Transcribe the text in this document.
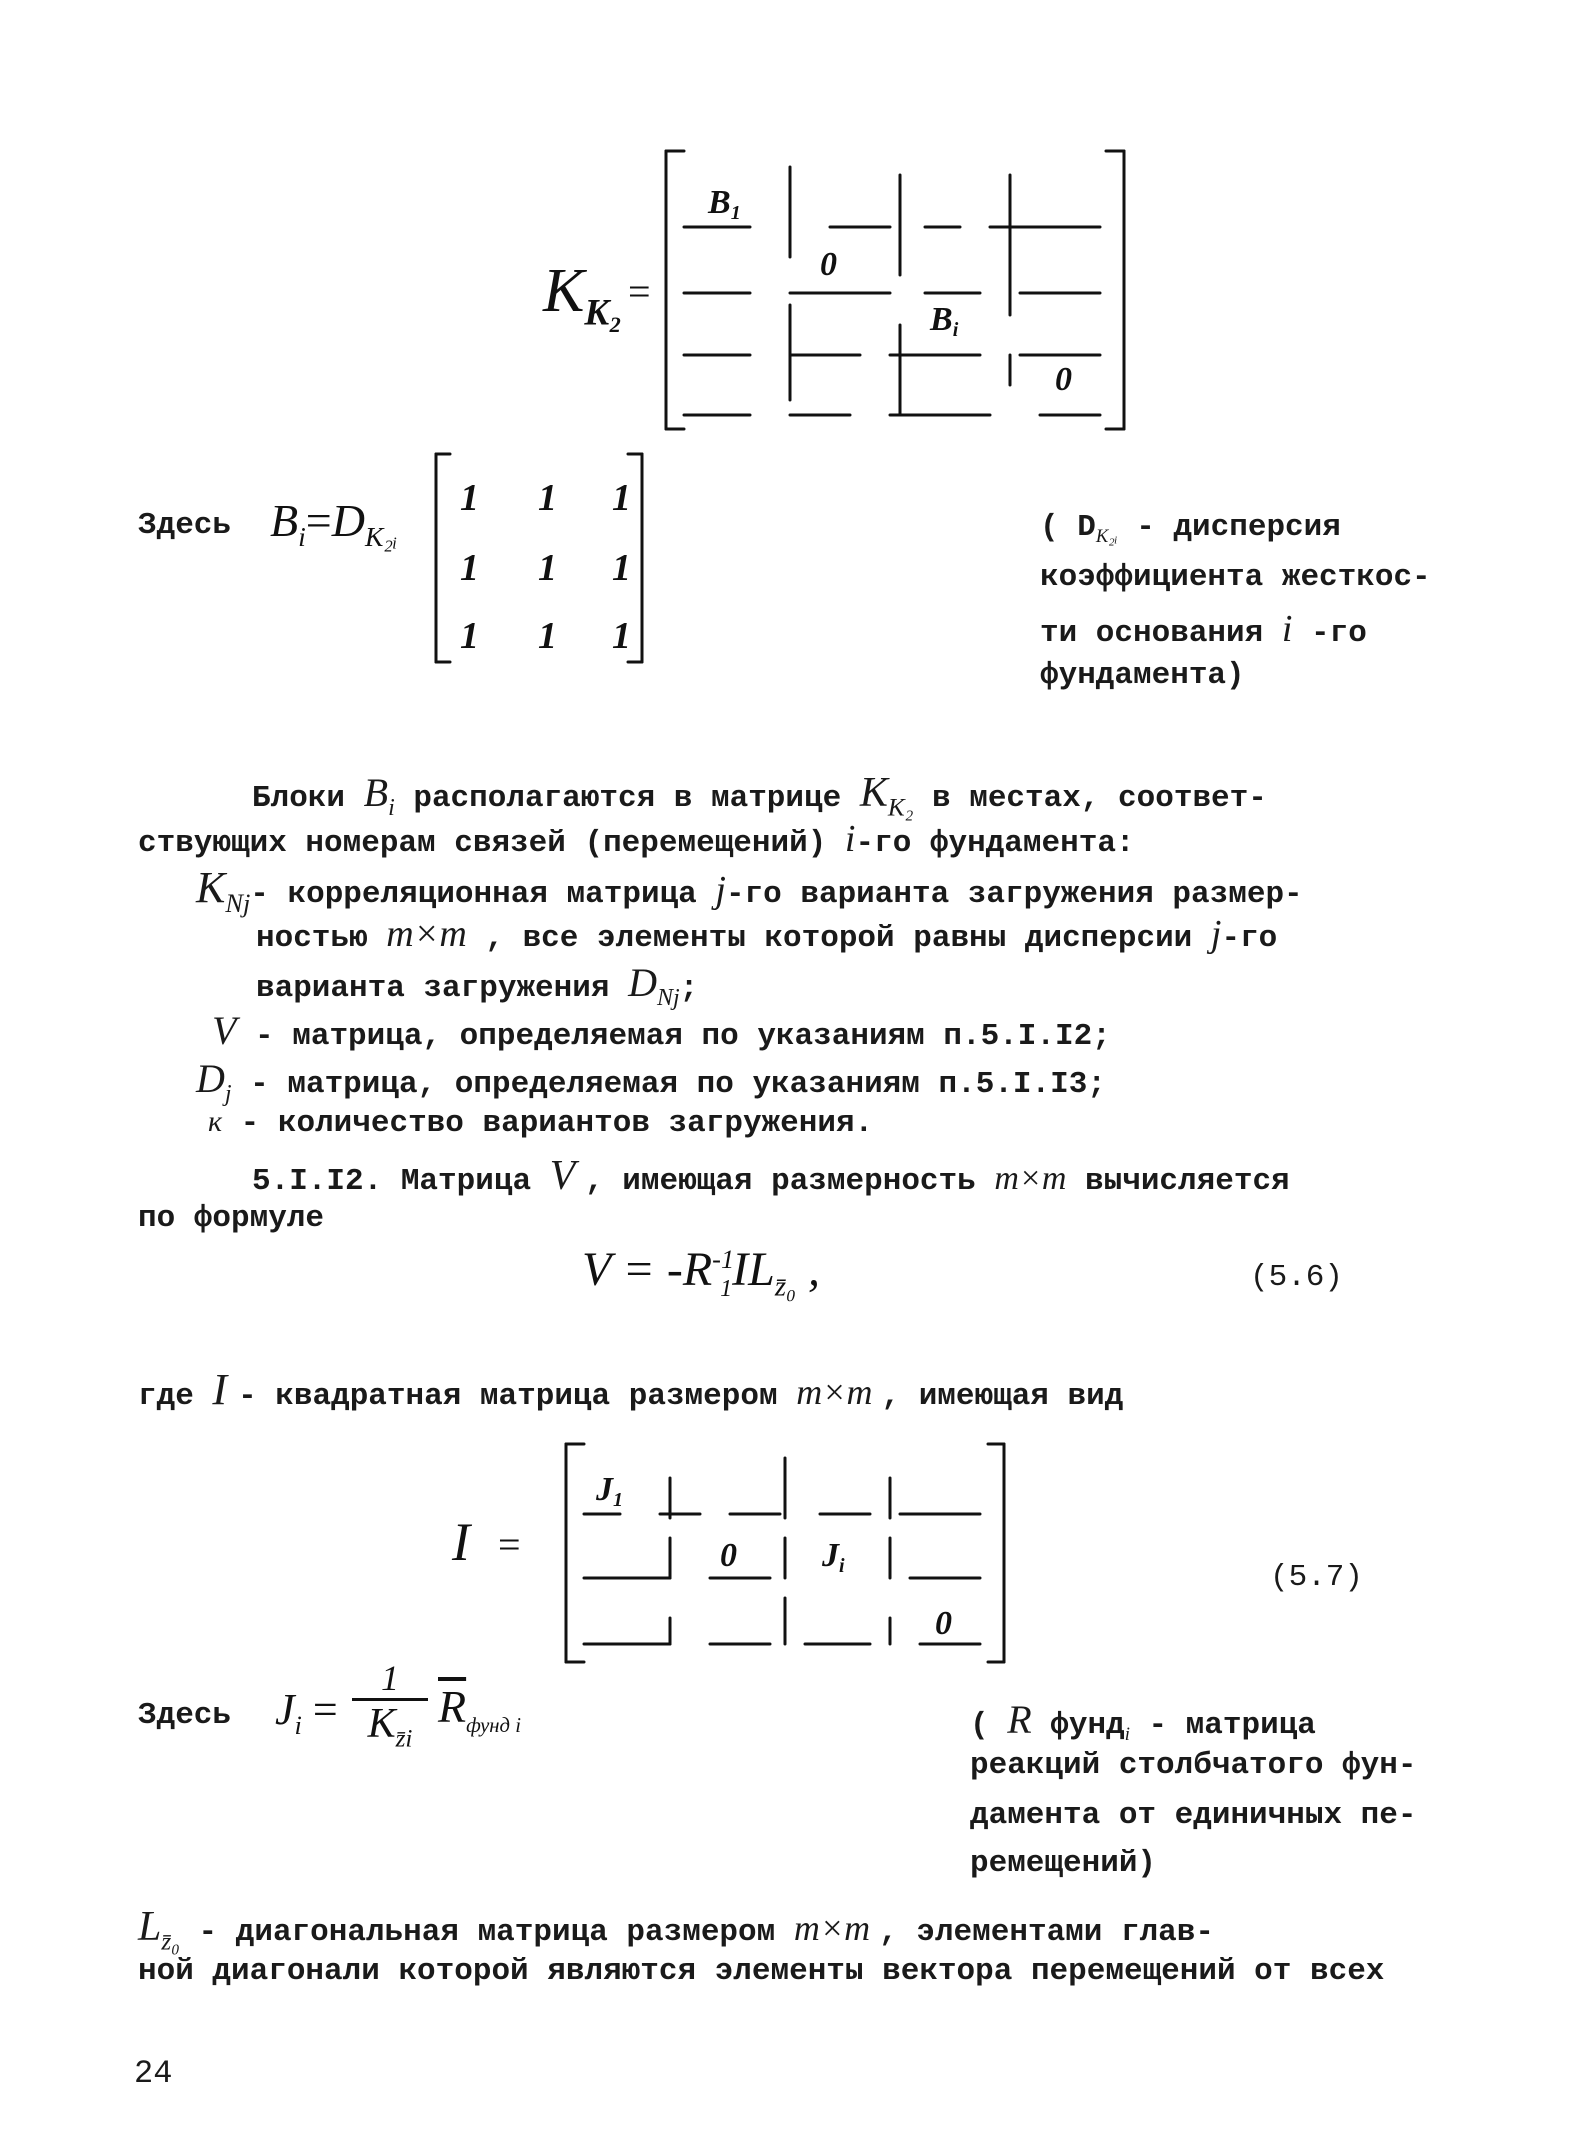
$K_{K_2}$ =
B1
0
Bi
0
Здесь $B_i=D_{K_2ᵢ}$
1 1 1
1 1 1
1 1 1
( $D_{K_2ᵢ}$ - дисперсия
коэффициента жесткос-
ти основания i -го
фундамента)
Блоки $B_i$ располагаются в матрице $K_{K_2}$ в местах, соответ-
ствующих номерам связей (перемещений) i-го фундамента:
$K_{Nj}-$ корреляционная матрица j-го варианта загружения размер-
ностью m×m , все элементы которой равны дисперсии j-го
варианта загружения $D_{Nj}$;
V - матрица, определяемая по указаниям п.5.I.I2;
$D_j$ - матрица, определяемая по указаниям п.5.I.I3;
к - количество вариантов загружения.
5.I.I2. Матрица V , имеющая размерность m×m вычисляется
по формуле
$V = -R^{-1}_1IL_{z̄_0}$ ,	(5.6)
где I - квадратная матрица размером m×m , имеющая вид
I =
J1
0	Ji
0
(5.7)
Здесь $J_i$ =
1
$K_{z̄i}$
$\overline{R}_{фунд i}$	( R фунд$_i$ - матрица
реакций столбчатого фун-
дамента от единичных пе-
ремещений)
$L_{z̄_0}$ - диагональная матрица размером m×m , элементами глав-
ной диагонали которой являются элементы вектора перемещений от всех
24
